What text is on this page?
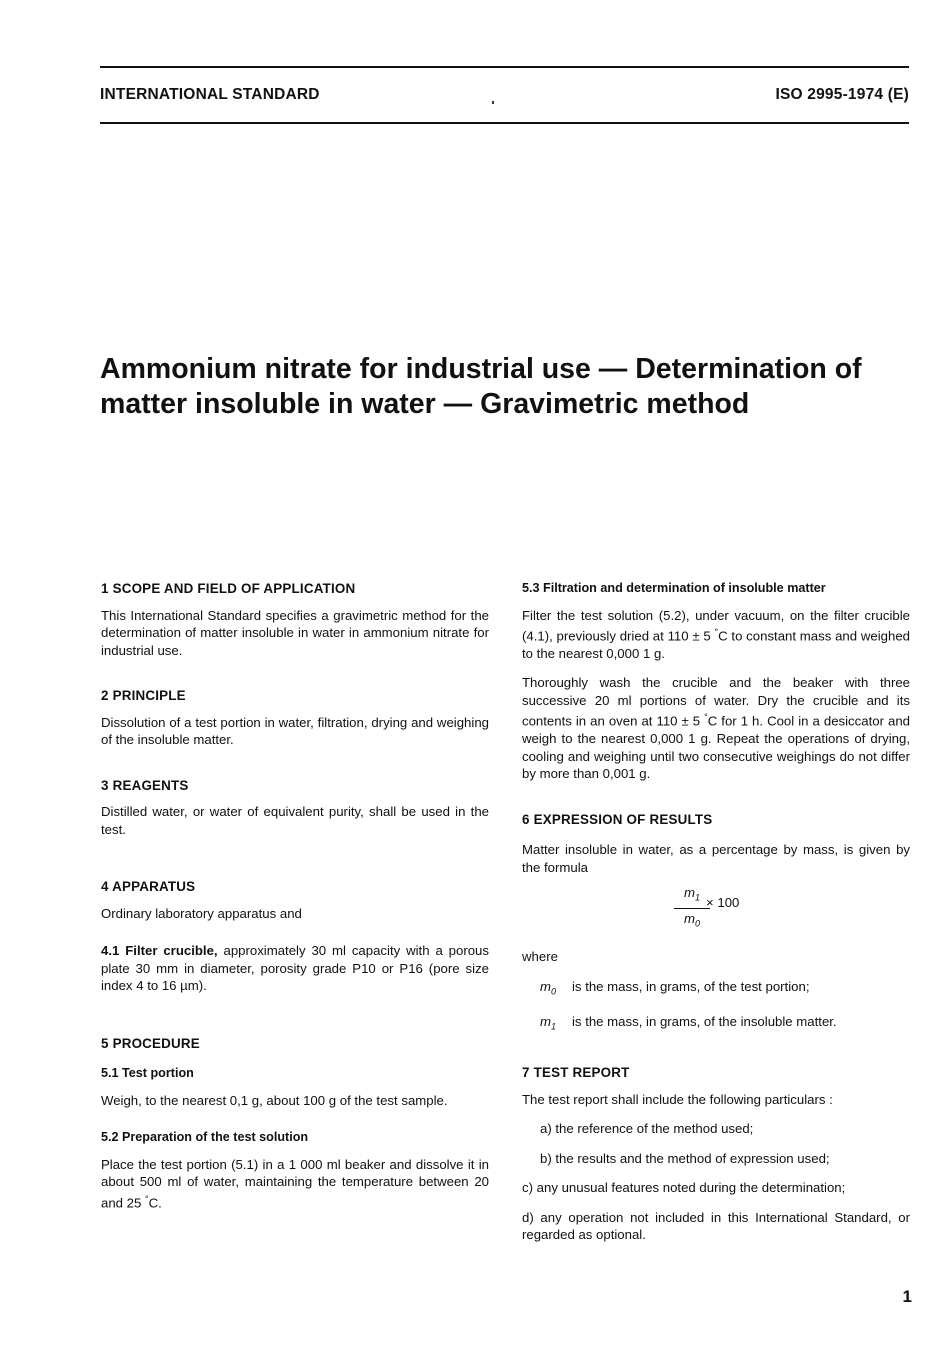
INTERNATIONAL STANDARD	ISO 2995-1974 (E)
Ammonium nitrate for industrial use — Determination of
matter insoluble in water — Gravimetric method
1 SCOPE AND FIELD OF APPLICATION

This International Standard specifies a gravimetric method for the determination of matter insoluble in water in ammonium nitrate for industrial use.

2 PRINCIPLE

Dissolution of a test portion in water, filtration, drying and weighing of the insoluble matter.

3 REAGENTS

Distilled water, or water of equivalent purity, shall be used in the test.

4 APPARATUS

Ordinary laboratory apparatus and

4.1 Filter crucible, approximately 30 ml capacity with a porous plate 30 mm in diameter, porosity grade P10 or P16 (pore size index 4 to 16 µm).

5 PROCEDURE
5.1 Test portion

Weigh, to the nearest 0,1 g, about 100 g of the test sample.

5.2 Preparation of the test solution

Place the test portion (5.1) in a 1 000 ml beaker and dissolve it in about 500 ml of water, maintaining the temperature between 20 and 25 °C.

5.3 Filtration and determination of insoluble matter

Filter the test solution (5.2), under vacuum, on the filter crucible (4.1), previously dried at 110 ± 5 °C to constant mass and weighed to the nearest 0,000 1 g.

Thoroughly wash the crucible and the beaker with three successive 20 ml portions of water. Dry the crucible and its contents in an oven at 110 ± 5 °C for 1 h. Cool in a desiccator and weigh to the nearest 0,000 1 g. Repeat the operations of drying, cooling and weighing until two consecutive weighings do not differ by more than 0,001 g.

6 EXPRESSION OF RESULTS

Matter insoluble in water, as a percentage by mass, is given by the formula

$m_1$
$m_0$
× 100

where

$m_0$	is the mass, in grams, of the test portion;
$m_1$	is the mass, in grams, of the insoluble matter.
7 TEST REPORT

The test report shall include the following particulars :

a) the reference of the method used;

b) the results and the method of expression used;

c) any unusual features noted during the determination;

d) any operation not included in this International Standard, or regarded as optional.

1
